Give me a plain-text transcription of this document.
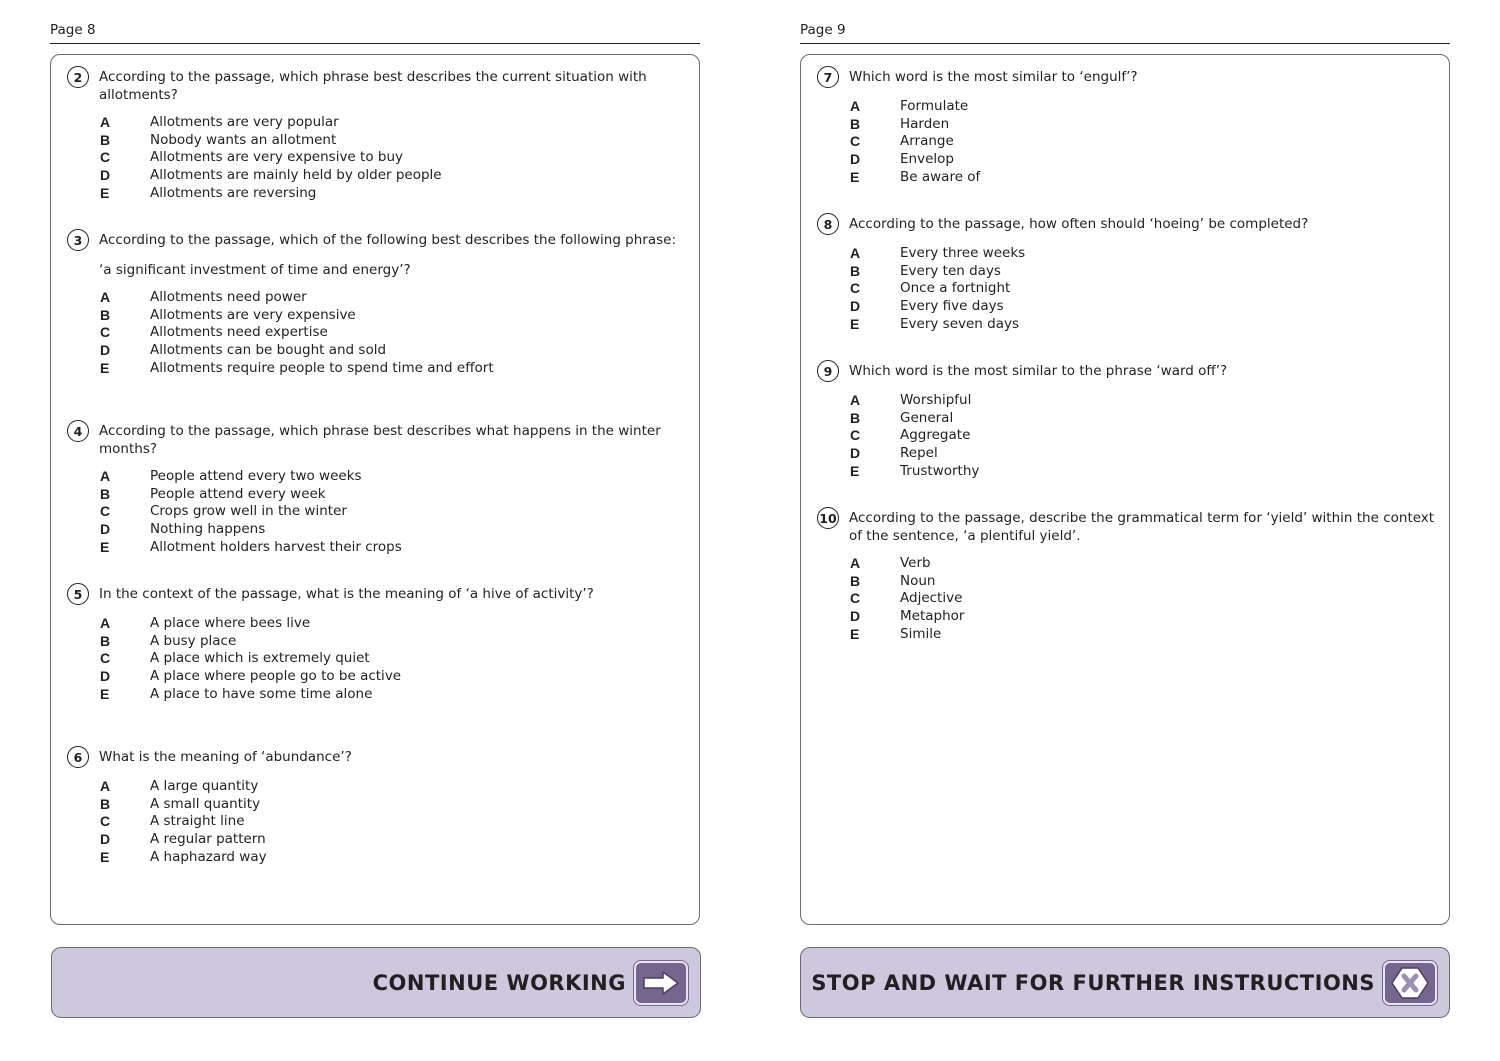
Page 8
2	According to the passage, which phrase best describes the current situation with allotments?
A	Allotments are very popular
B	Nobody wants an allotment
C	Allotments are very expensive to buy
D	Allotments are mainly held by older people
E	Allotments are reversing
3	According to the passage, which of the following best describes the following phrase:
‘a significant investment of time and energy’?
A	Allotments need power
B	Allotments are very expensive
C	Allotments need expertise
D	Allotments can be bought and sold
E	Allotments require people to spend time and effort
4	According to the passage, which phrase best describes what happens in the winter months?
A	People attend every two weeks
B	People attend every week
C	Crops grow well in the winter
D	Nothing happens
E	Allotment holders harvest their crops
5	In the context of the passage, what is the meaning of ‘a hive of activity’?
A	A place where bees live
B	A busy place
C	A place which is extremely quiet
D	A place where people go to be active
E	A place to have some time alone
6	What is the meaning of ‘abundance’?
A	A large quantity
B	A small quantity
C	A straight line
D	A regular pattern
E	A haphazard way
CONTINUE WORKING
Page 9
7	Which word is the most similar to ‘engulf’?
A	Formulate
B	Harden
C	Arrange
D	Envelop
E	Be aware of
8	According to the passage, how often should ‘hoeing’ be completed?
A	Every three weeks
B	Every ten days
C	Once a fortnight
D	Every five days
E	Every seven days
9	Which word is the most similar to the phrase ‘ward off’?
A	Worshipful
B	General
C	Aggregate
D	Repel
E	Trustworthy
10 According to the passage, describe the grammatical term for ‘yield’ within the context of the sentence, ‘a plentiful yield’.
A	Verb
B	Noun
C	Adjective
D	Metaphor
E	Simile
STOP AND WAIT FOR FURTHER INSTRUCTIONS
